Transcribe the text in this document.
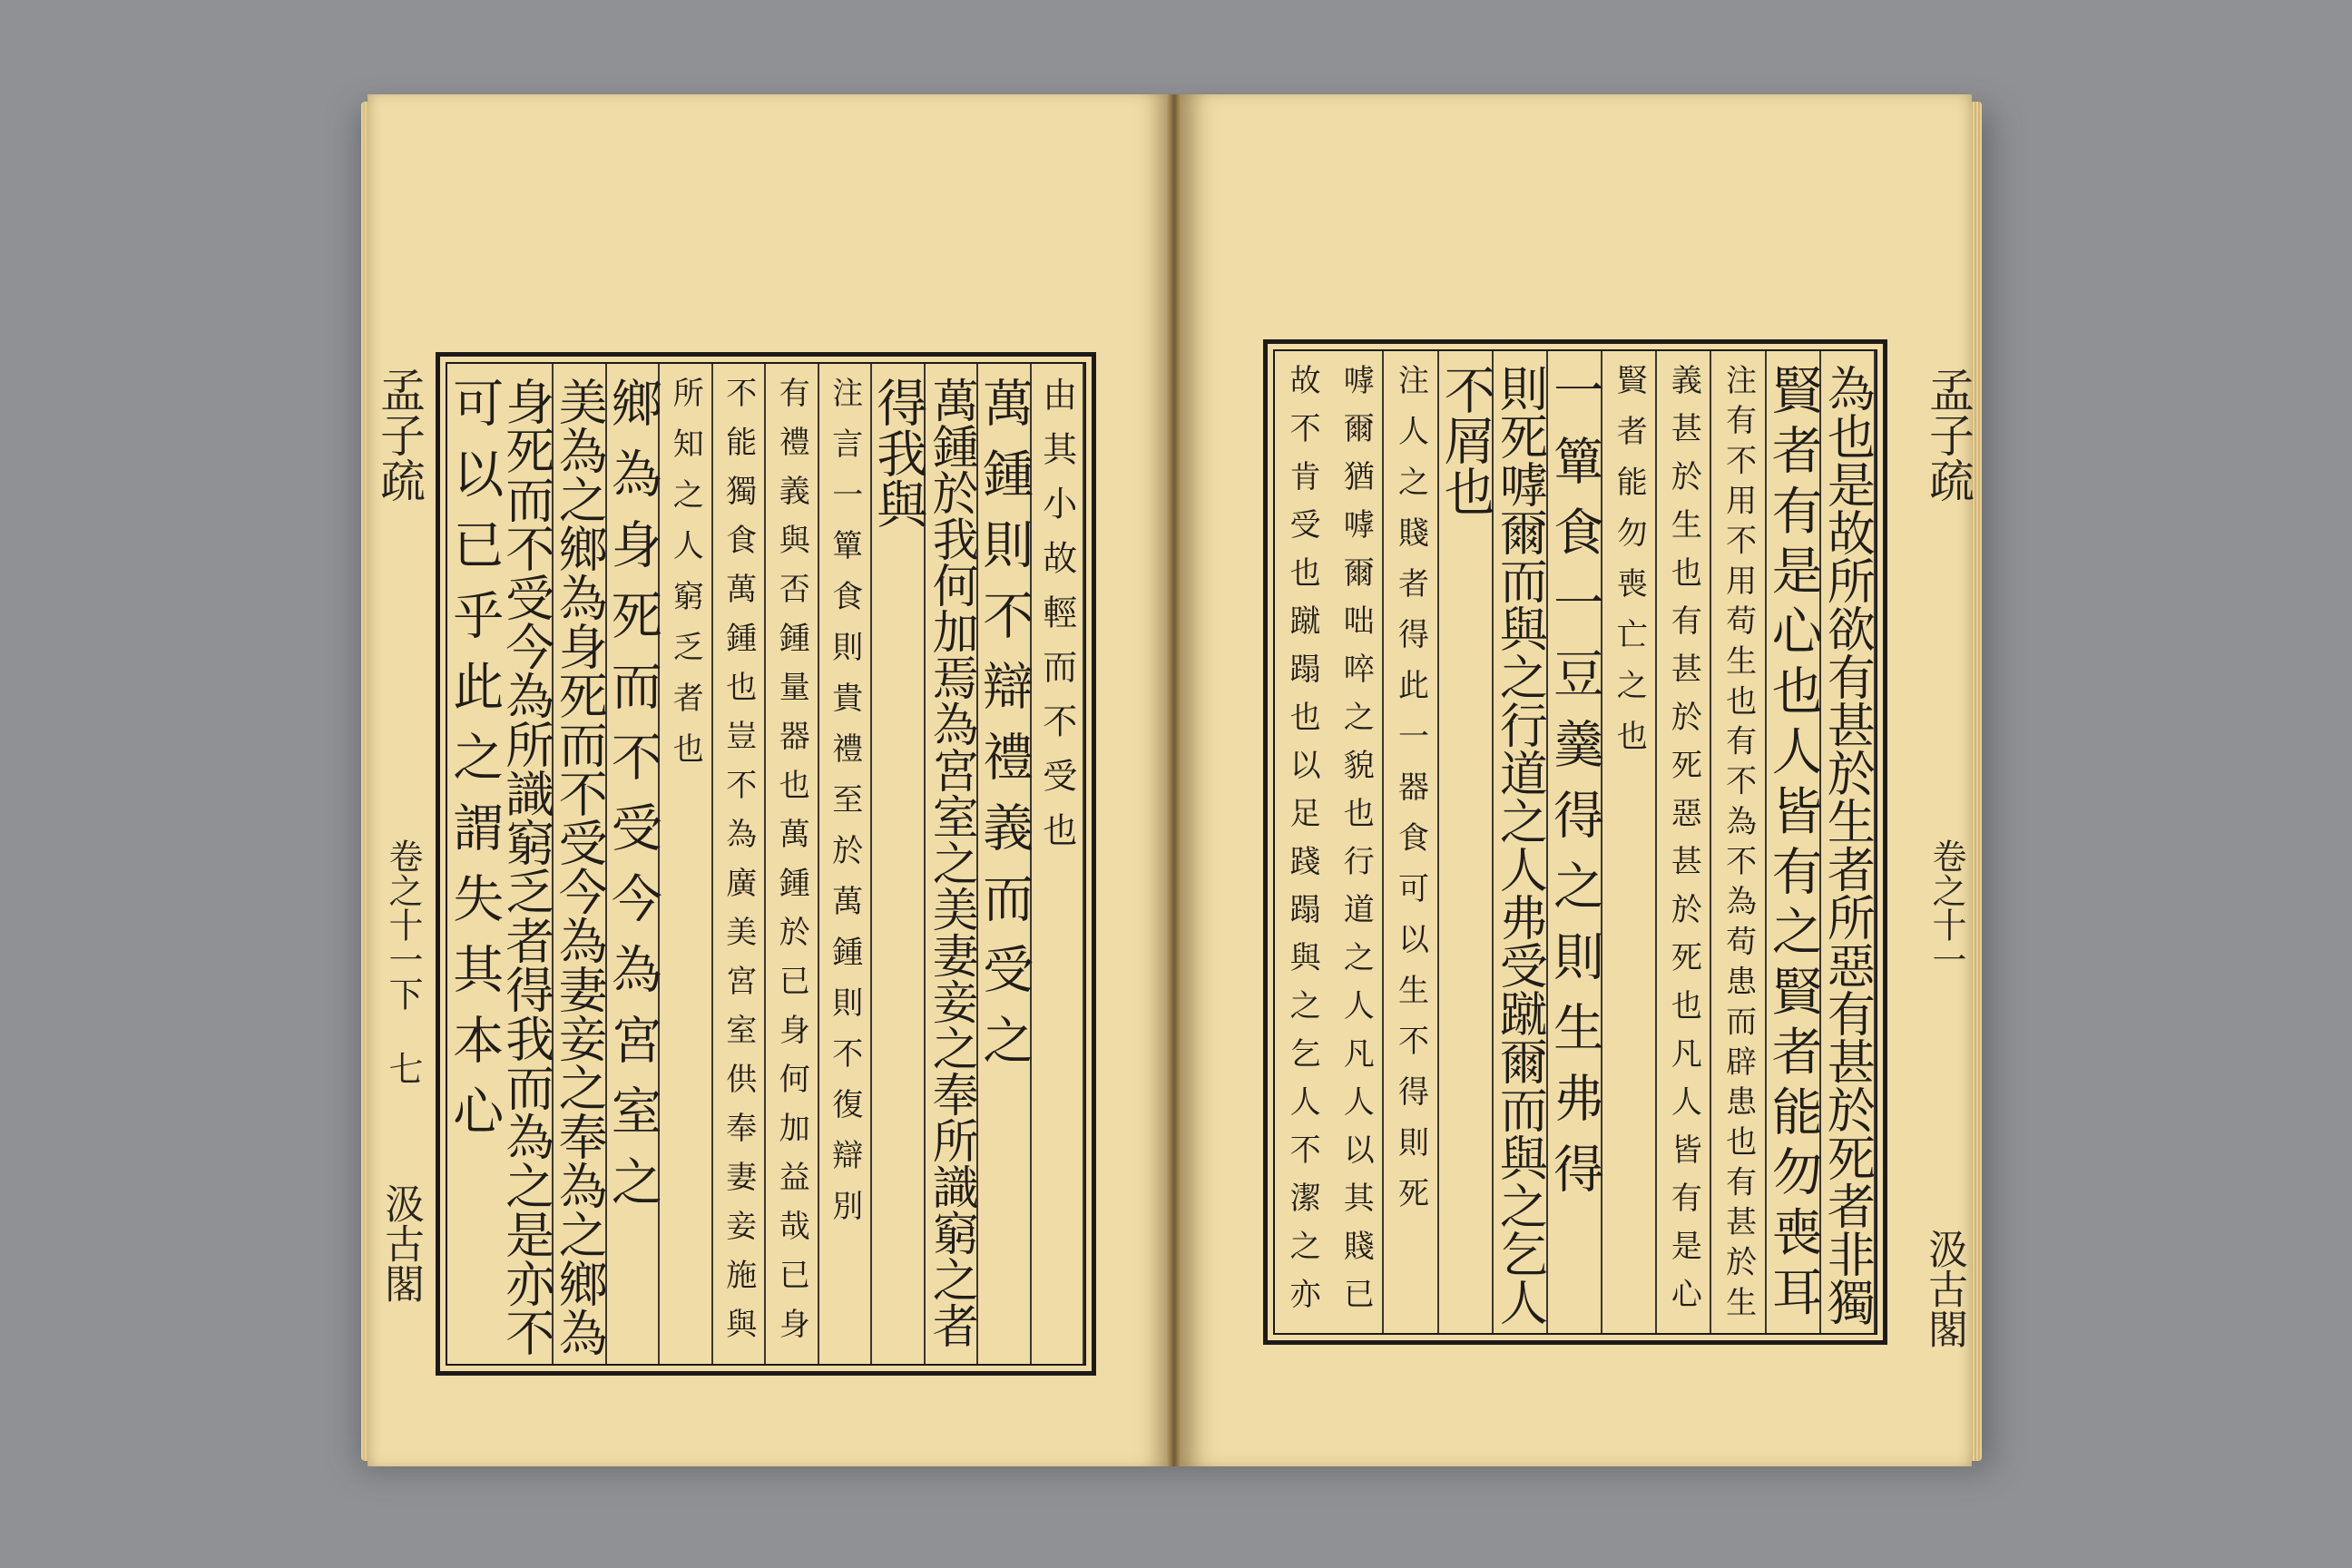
孟子疏
卷之十一下 七
汲古閣
孟子疏
卷之十一
汲古閣
由其小故輕而不受也
萬鍾則不辯禮義而受之
萬鍾於我何加焉為宮室之美妻妾之奉所識窮之者
得我與
注言一簞食則貴禮至於萬鍾則不復辯別
有禮義與否鍾量器也萬鍾於已身何加益哉已身
不能獨食萬鍾也豈不為廣美宮室供奉妻妾施與
所知之人窮乏者也
鄉為身死而不受今為宮室之
美為之鄉為身死而不受今為妻妾之奉為之鄉為
身死而不受今為所識窮乏者得我而為之是亦不
可以已乎此之謂失其本心	為也是故所欲有甚於生者所惡有甚於死者非獨
賢者有是心也人皆有之賢者能勿喪耳
注有不用不用苟生也有不為不為苟患而辟患也有甚於生
義甚於生也有甚於死惡甚於死也凡人皆有是心
賢者能勿喪亡之也
一簞食一豆羹得之則生弗得
則死嘑爾而與之行道之人弗受蹴爾而與之乞人
不屑也
注人之賤者得此一器食可以生不得則死
嘑爾猶嘑爾咄啐之貌也行道之人凡人以其賤已
故不肯受也蹴蹋也以足踐蹋與之乞人不潔之亦
